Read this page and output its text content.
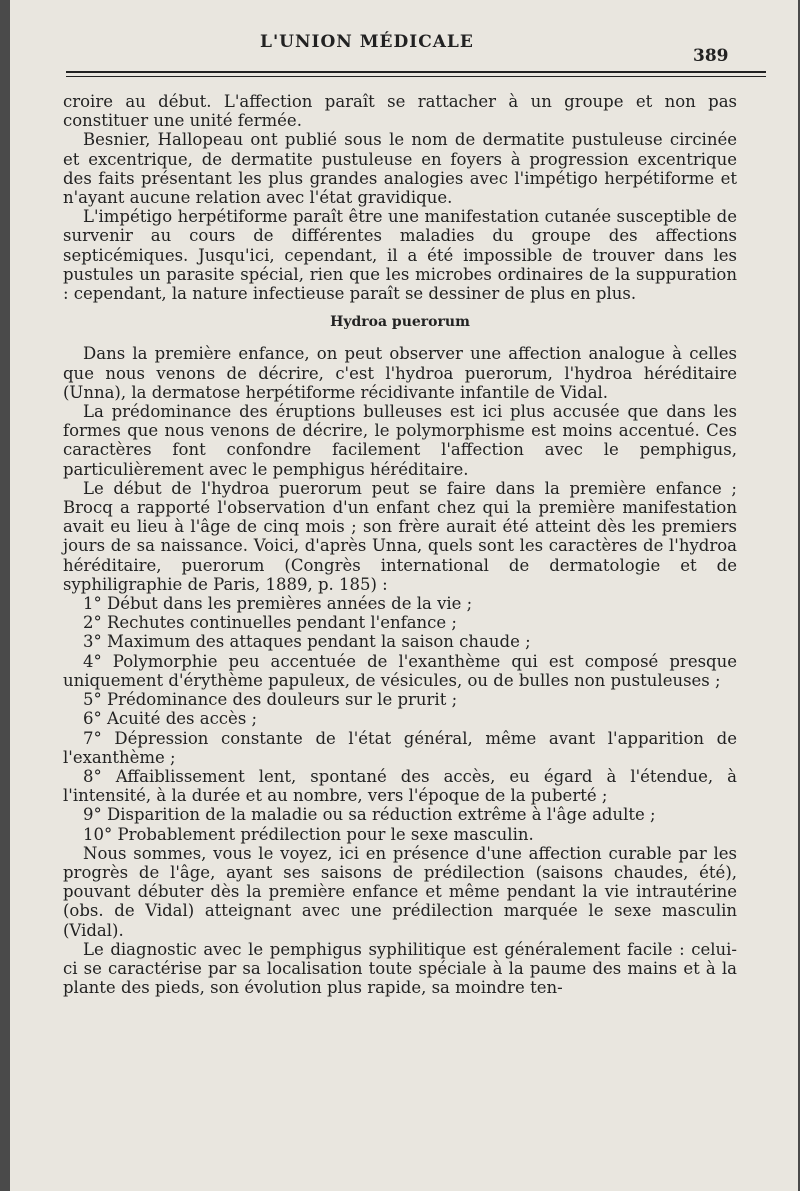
L'UNION MÉDICALE
389

croire au début. L'affection paraît se rattacher à un groupe et non pas constituer une unité fermée.

Besnier, Hallopeau ont publié sous le nom de dermatite pustuleuse circinée et excentrique, de dermatite pustuleuse en foyers à progression excentrique des faits présentant les plus grandes analogies avec l'impétigo herpétiforme et n'ayant aucune relation avec l'état gravidique.

L'impétigo herpétiforme paraît être une manifestation cutanée susceptible de survenir au cours de différentes maladies du groupe des affections septicémiques. Jusqu'ici, cependant, il a été impossible de trouver dans les pustules un parasite spécial, rien que les microbes ordinaires de la suppuration : cependant, la nature infectieuse paraît se dessiner de plus en plus.

Hydroa puerorum

Dans la première enfance, on peut observer une affection analogue à celles que nous venons de décrire, c'est l'hydroa puerorum, l'hydroa héréditaire (Unna), la dermatose herpétiforme récidivante infantile de Vidal.

La prédominance des éruptions bulleuses est ici plus accusée que dans les formes que nous venons de décrire, le polymorphisme est moins accentué. Ces caractères font confondre facilement l'affection avec le pemphigus, particulièrement avec le pemphigus héréditaire.

Le début de l'hydroa puerorum peut se faire dans la première enfance ; Brocq a rapporté l'observation d'un enfant chez qui la première manifestation avait eu lieu à l'âge de cinq mois ; son frère aurait été atteint dès les premiers jours de sa naissance. Voici, d'après Unna, quels sont les caractères de l'hydroa héréditaire, puerorum (Congrès international de dermatologie et de syphiligraphie de Paris, 1889, p. 185) :

1° Début dans les premières années de la vie ;

2° Rechutes continuelles pendant l'enfance ;

3° Maximum des attaques pendant la saison chaude ;

4° Polymorphie peu accentuée de l'exanthème qui est composé presque uniquement d'érythème papuleux, de vésicules, ou de bulles non pustuleuses ;

5° Prédominance des douleurs sur le prurit ;

6° Acuité des accès ;

7° Dépression constante de l'état général, même avant l'apparition de l'exanthème ;

8° Affaiblissement lent, spontané des accès, eu égard à l'étendue, à l'intensité, à la durée et au nombre, vers l'époque de la puberté ;

9° Disparition de la maladie ou sa réduction extrême à l'âge adulte ;

10° Probablement prédilection pour le sexe masculin.

Nous sommes, vous le voyez, ici en présence d'une affection curable par les progrès de l'âge, ayant ses saisons de prédilection (saisons chaudes, été), pouvant débuter dès la première enfance et même pendant la vie intrautérine (obs. de Vidal) atteignant avec une prédilection marquée le sexe masculin (Vidal).

Le diagnostic avec le pemphigus syphilitique est généralement facile : celui-ci se caractérise par sa localisation toute spéciale à la paume des mains et à la plante des pieds, son évolution plus rapide, sa moindre ten-
